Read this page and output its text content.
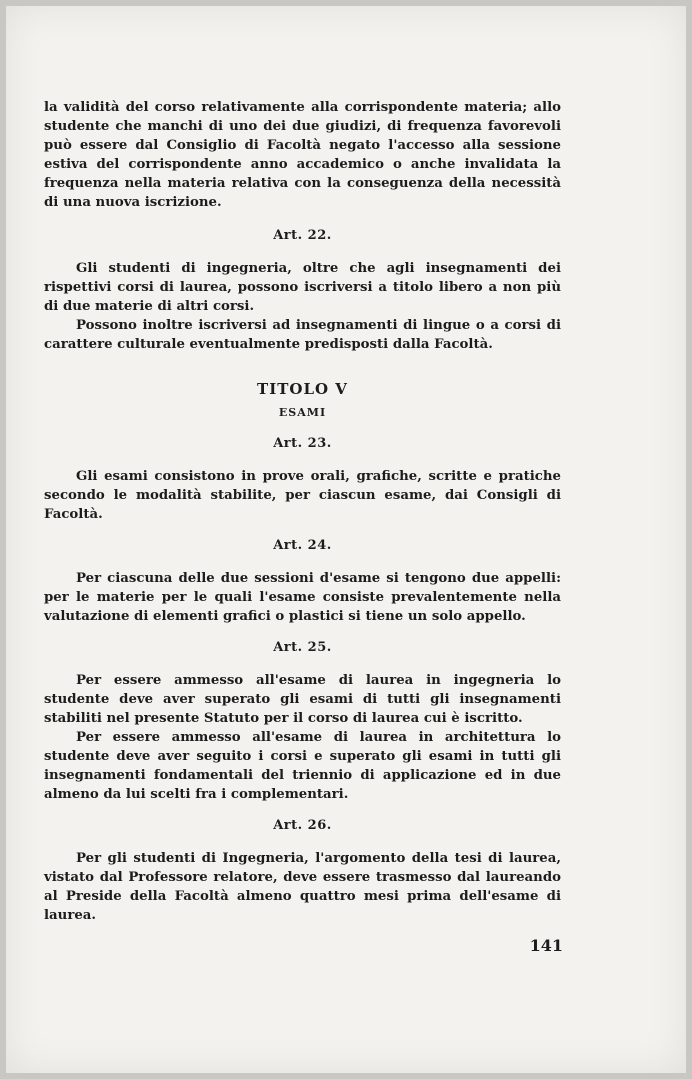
la validità del corso relativamente alla corrispondente materia; allo studente che manchi di uno dei due giudizi, di frequenza favorevoli può essere dal Consiglio di Facoltà negato l'accesso alla sessione estiva del corrispondente anno accademico o anche invalidata la frequenza nella materia relativa con la conseguenza della necessità di una nuova iscrizione.

Art. 22.

Gli studenti di ingegneria, oltre che agli insegnamenti dei rispettivi corsi di laurea, possono iscriversi a titolo libero a non più di due materie di altri corsi.

Possono inoltre iscriversi ad insegnamenti di lingue o a corsi di carattere culturale eventualmente predisposti dalla Facoltà.

TITOLO V
ESAMI
Art. 23.

Gli esami consistono in prove orali, grafiche, scritte e pratiche secondo le modalità stabilite, per ciascun esame, dai Consigli di Facoltà.

Art. 24.

Per ciascuna delle due sessioni d'esame si tengono due appelli: per le materie per le quali l'esame consiste prevalentemente nella valutazione di elementi grafici o plastici si tiene un solo appello.

Art. 25.

Per essere ammesso all'esame di laurea in ingegneria lo studente deve aver superato gli esami di tutti gli insegnamenti stabiliti nel presente Statuto per il corso di laurea cui è iscritto.

Per essere ammesso all'esame di laurea in architettura lo studente deve aver seguito i corsi e superato gli esami in tutti gli insegnamenti fondamentali del triennio di applicazione ed in due almeno da lui scelti fra i complementari.

Art. 26.

Per gli studenti di Ingegneria, l'argomento della tesi di laurea, vistato dal Professore relatore, deve essere trasmesso dal laureando al Preside della Facoltà almeno quattro mesi prima dell'esame di laurea.

141
